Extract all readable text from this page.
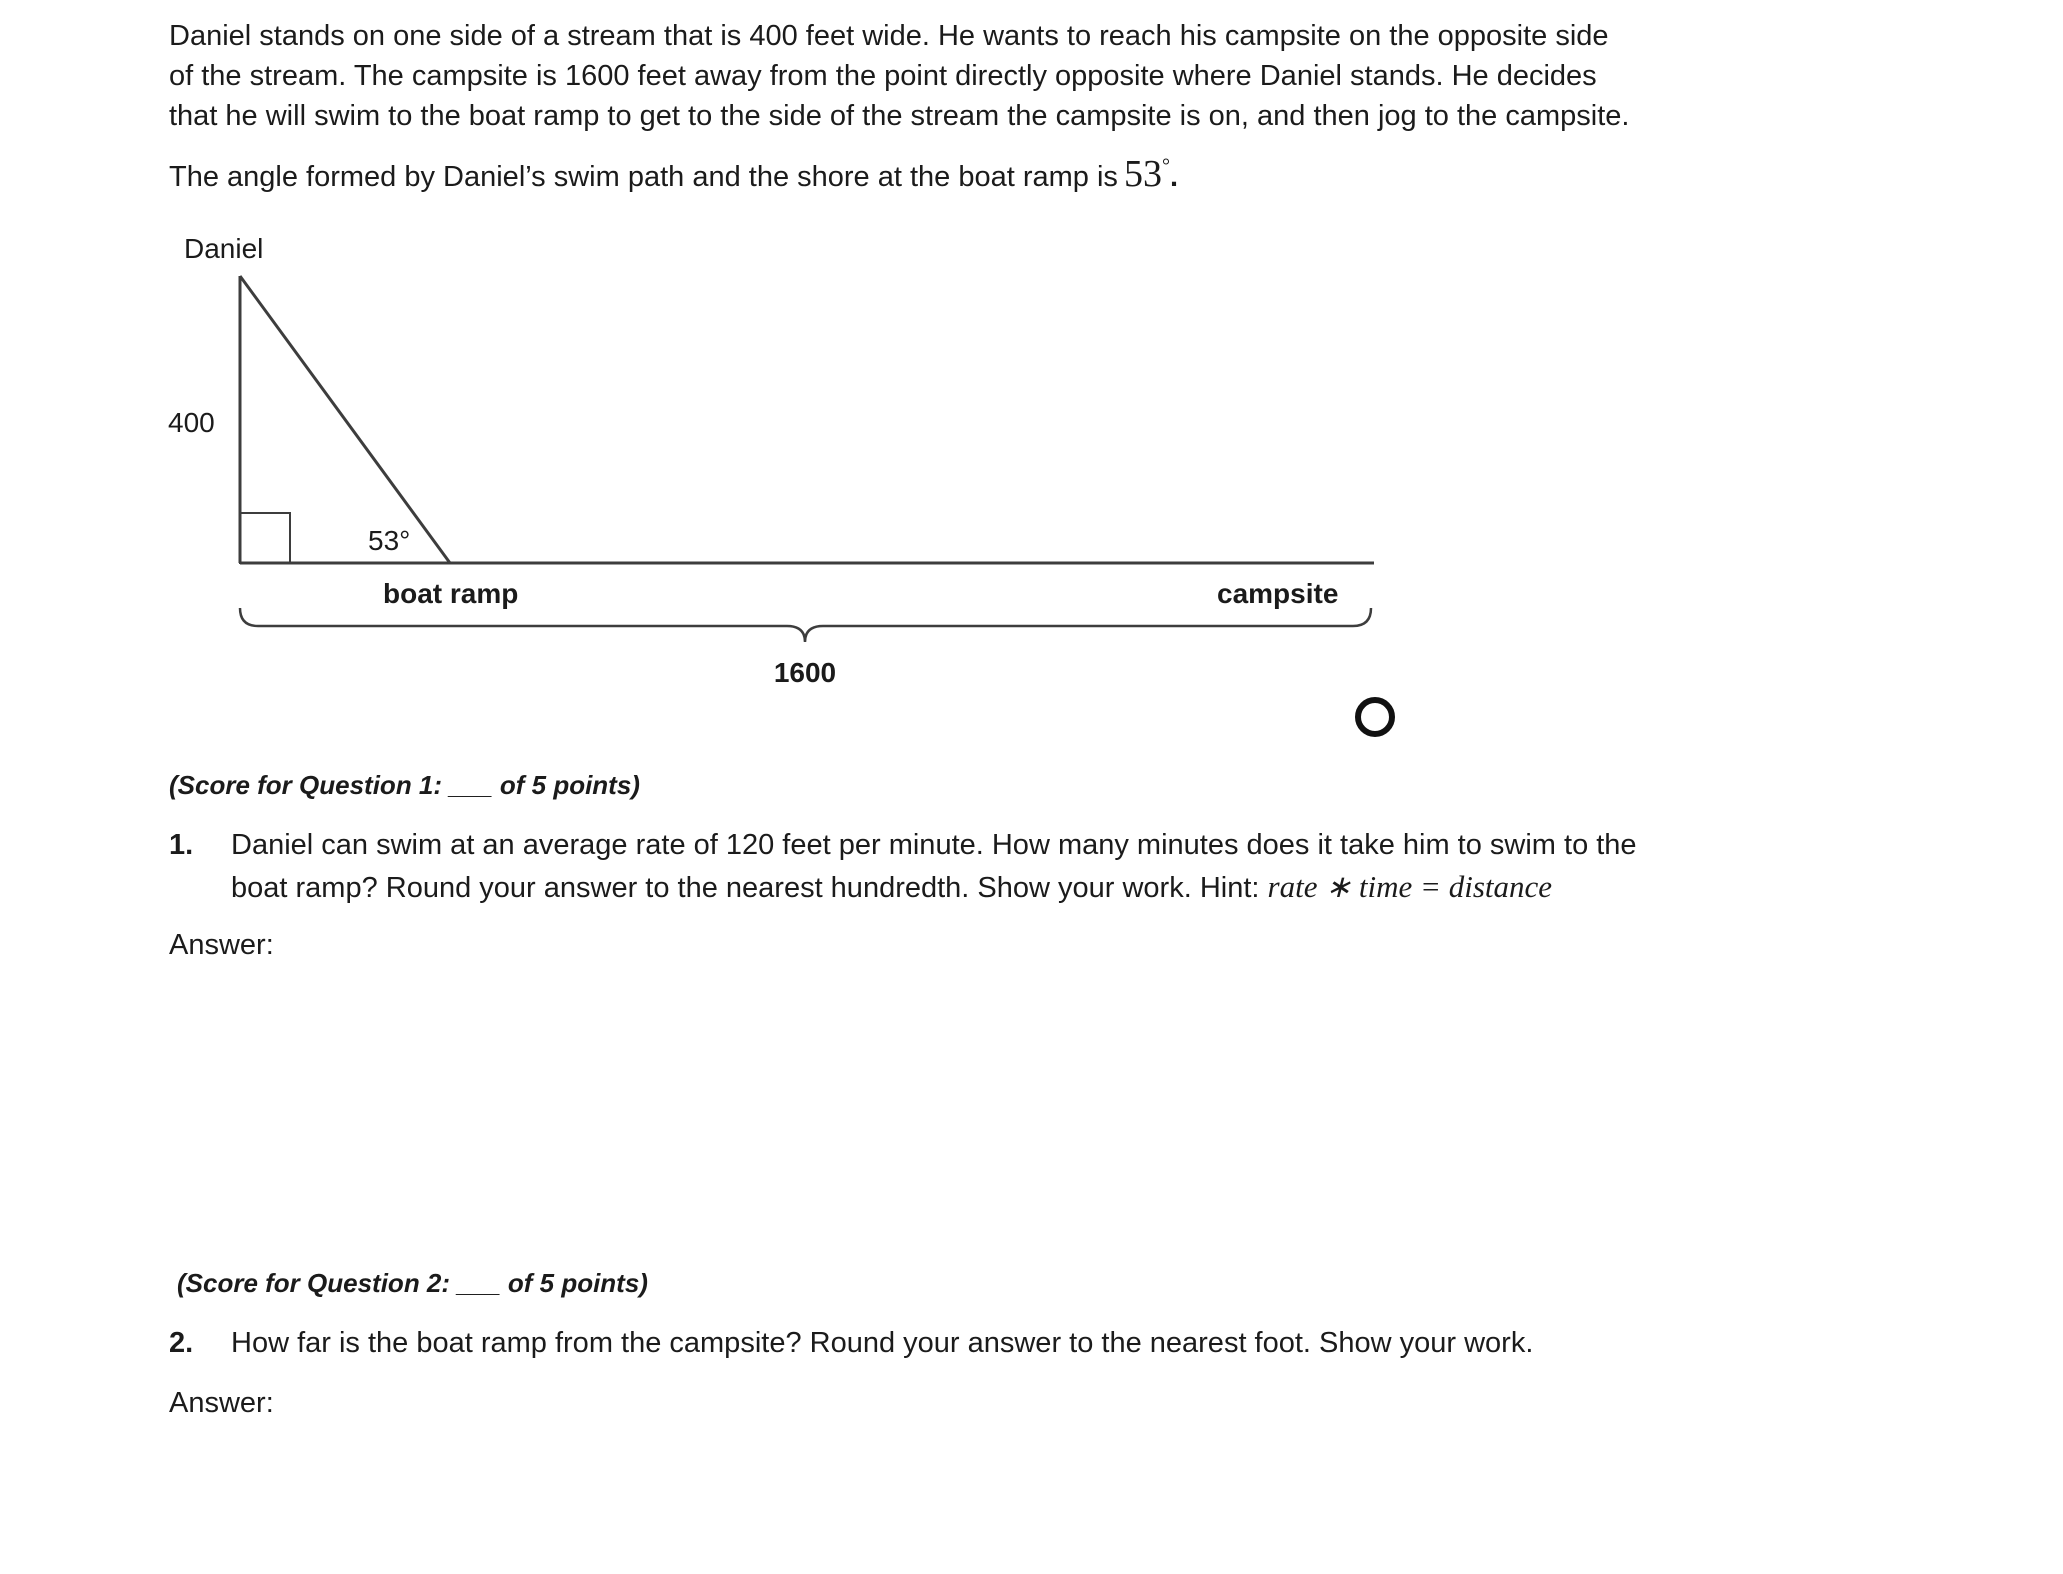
Daniel stands on one side of a stream that is 400 feet wide. He wants to reach his campsite on the opposite side
of the stream. The campsite is 1600 feet away from the point directly opposite where Daniel stands. He decides
that he will swim to the boat ramp to get to the side of the stream the campsite is on, and then jog to the campsite.
The angle formed by Daniel’s swim path and the shore at the boat ramp is 53° .
Daniel
400
53°
boat ramp	campsite
1600
(Score for Question 1: ___ of 5 points)
1. Daniel can swim at an average rate of 120 feet per minute. How many minutes does it take him to swim to the
boat ramp? Round your answer to the nearest hundredth. Show your work. Hint: rate ∗ time = distance
Answer:
(Score for Question 2: ___ of 5 points)
2. How far is the boat ramp from the campsite? Round your answer to the nearest foot. Show your work.
Answer:
